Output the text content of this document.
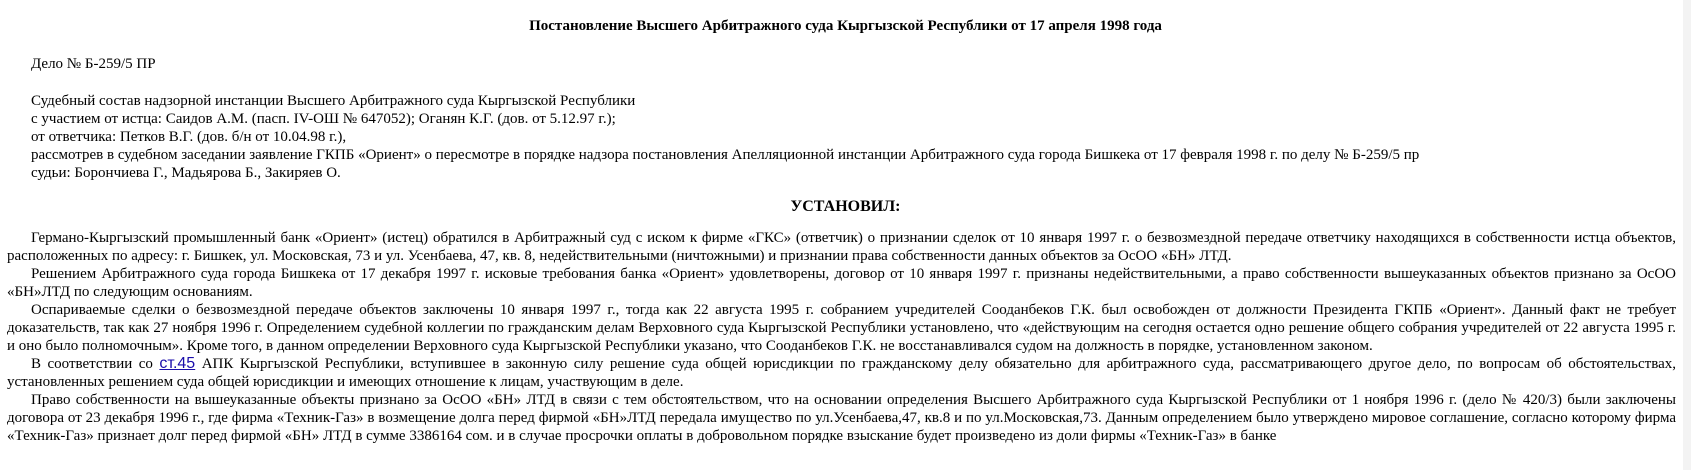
Постановление Высшего Арбитражного суда Кыргызской Республики от 17 апреля 1998 года
Дело № Б-259/5 ПР
Судебный состав надзорной инстанции Высшего Арбитражного суда Кыргызской Республики
с участием от истца: Саидов А.М. (пасп. IV-ОШ № 647052); Оганян К.Г. (дов. от 5.12.97 г.);
от ответчика: Петков В.Г. (дов. б/н от 10.04.98 г.),
рассмотрев в судебном заседании заявление ГКПБ «Ориент» о пересмотре в порядке надзора постановления Апелляционной инстанции Арбитражного суда города Бишкека от 17 февраля 1998 г. по делу № Б-259/5 пр
судьи: Борончиева Г., Мадьярова Б., Закиряев О.
УСТАНОВИЛ:

Германо-Кыргызский промышленный банк «Ориент» (истец) обратился в Арбитражный суд с иском к фирме «ГКС» (ответчик) о признании сделок от 10 января 1997 г. о безвозмездной передаче ответчику находящихся в собственности истца объектов, расположенных по адресу: г. Бишкек, ул. Московская, 73 и ул. Усенбаева, 47, кв. 8, недействительными (ничтожными) и признании права собственности данных объектов за ОсОО «БН» ЛТД.

Решением Арбитражного суда города Бишкека от 17 декабря 1997 г. исковые требования банка «Ориент» удовлетворены, договор от 10 января 1997 г. признаны недействительными, а право собственности вышеуказанных объектов признано за ОсОО «БН»ЛТД по следующим основаниям.

Оспариваемые сделки о безвозмездной передаче объектов заключены 10 января 1997 г., тогда как 22 августа 1995 г. собранием учредителей Сооданбеков Г.К. был освобожден от должности Президента ГКПБ «Ориент». Данный факт не требует доказательств, так как 27 ноября 1996 г. Определением судебной коллегии по гражданским делам Верховного суда Кыргызской Республики установлено, что «действующим на сегодня остается одно решение общего собрания учредителей от 22 августа 1995 г. и оно было полномочным». Кроме того, в данном определении Верховного суда Кыргызской Республики указано, что Сооданбеков Г.К. не восстанавливался судом на должность в порядке, установленном законом.

В соответствии со ст.45 АПК Кыргызской Республики, вступившее в законную силу решение суда общей юрисдикции по гражданскому делу обязательно для арбитражного суда, рассматривающего другое дело, по вопросам об обстоятельствах, установленных решением суда общей юрисдикции и имеющих отношение к лицам, участвующим в деле.

Право собственности на вышеуказанные объекты признано за ОсОО «БН» ЛТД в связи с тем обстоятельством, что на основании определения Высшего Арбитражного суда Кыргызской Республики от 1 ноября 1996 г. (дело № 420/3) были заключены договора от 23 декабря 1996 г., где фирма «Техник-Газ» в возмещение долга перед фирмой «БН»ЛТД передала имущество по ул.Усенбаева,47, кв.8 и по ул.Московская,73. Данным определением было утверждено мировое соглашение, согласно которому фирма «Техник-Газ» признает долг перед фирмой «БН» ЛТД в сумме 3386164 сом. и в случае просрочки оплаты в добровольном порядке взыскание будет произведено из доли фирмы «Техник-Газ» в банке
